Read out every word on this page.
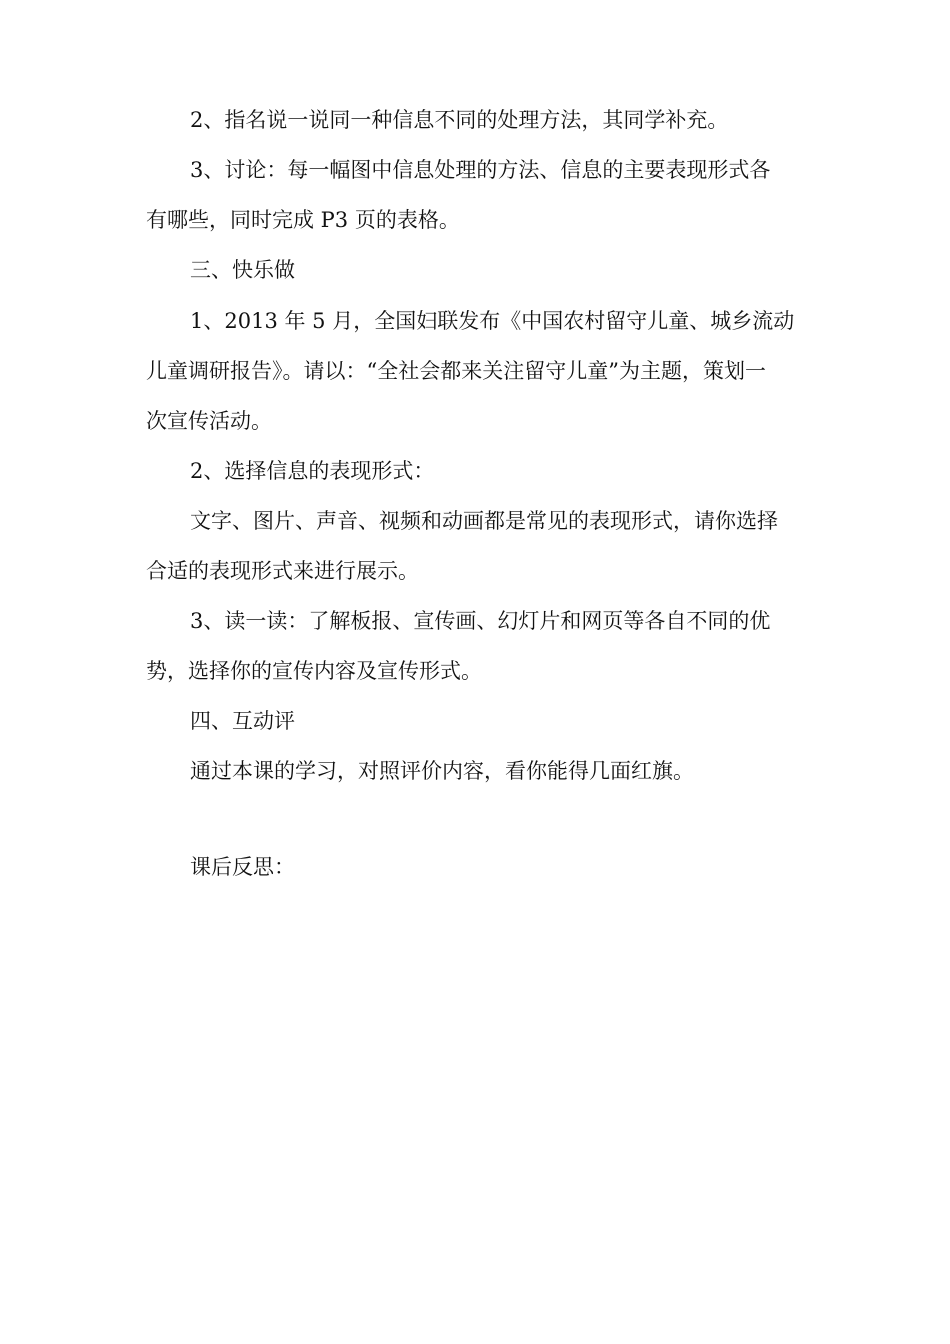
2、指名说一说同一种信息不同的处理方法，其同学补充。
3、讨论：每一幅图中信息处理的方法、信息的主要表现形式各
有哪些，同时完成 P3 页的表格。
三、快乐做
1、2013 年 5 月，全国妇联发布《中国农村留守儿童、城乡流动
儿童调研报告》。请以：“全社会都来关注留守儿童”为主题，策划一
次宣传活动。
2、选择信息的表现形式：
文字、图片、声音、视频和动画都是常见的表现形式，请你选择
合适的表现形式来进行展示。
3、读一读：了解板报、宣传画、幻灯片和网页等各自不同的优
势，选择你的宣传内容及宣传形式。
四、互动评
通过本课的学习，对照评价内容，看你能得几面红旗。
课后反思：
